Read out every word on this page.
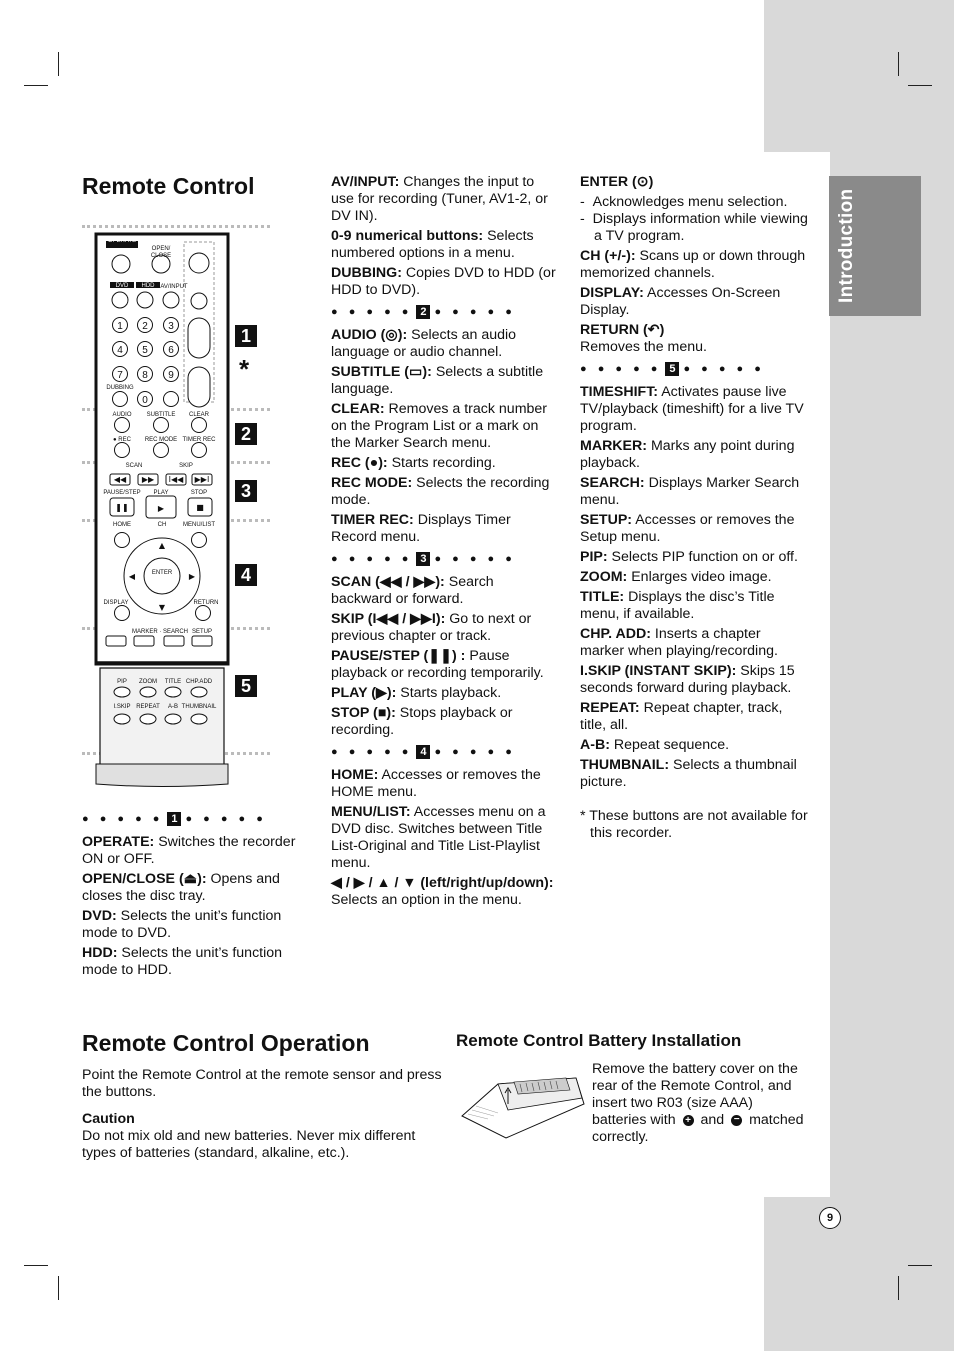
Introduction
9
Remote Control
1 2 3
4 5 6
7 8 9
0
OPERATE
OPEN/
CLOSE
DVD HDD AV/INPUT
DUBBING
AUDIO	SUBTITLE CLEAR
● REC REC MODE TIMER REC
SCAN	SKIP
PAUSE/STEP PLAY	STOP
HOME	CH	MENU/LIST
ENTER
DISPLAY	RETURN
MARKER · SEARCH SETUP
PIP ZOOM TITLE CHP.ADD
I.SKIP REPEAT A-B THUMBNAIL
◀◀ ▶▶ I◀◀ ▶▶I
❚❚	▶	■
▲
▼
◀	▶
1
*
2
3
4
5
● ● ● ● ● 1 ● ● ● ● ●

OPERATE: Switches the recorder ON or OFF.

OPEN/CLOSE (⏏): Opens and closes the disc tray.

DVD: Selects the unit’s function mode to DVD.

HDD: Selects the unit’s function mode to HDD.

AV/INPUT: Changes the input to use for recording (Tuner, AV1-2, or DV IN).

0-9 numerical buttons: Selects numbered options in a menu.

DUBBING: Copies DVD to HDD (or HDD to DVD).

● ● ● ● ● 2 ● ● ● ● ●

AUDIO (◎): Selects an audio language or audio channel.

SUBTITLE (▭): Selects a subtitle language.

CLEAR: Removes a track number on the Program List or a mark on the Marker Search menu.

REC (●): Starts recording.

REC MODE: Selects the recording mode.

TIMER REC: Displays Timer Record menu.

● ● ● ● ● 3 ● ● ● ● ●

SCAN (◀◀ / ▶▶): Search backward or forward.

SKIP (I◀◀ / ▶▶I): Go to next or previous chapter or track.

PAUSE/STEP (❚❚) : Pause playback or recording temporarily.

PLAY (▶): Starts playback.

STOP (■): Stops playback or recording.

● ● ● ● ● 4 ● ● ● ● ●

HOME: Accesses or removes the HOME menu.

MENU/LIST: Accesses menu on a DVD disc. Switches between Title List-Original and Title List-Playlist menu.

◀ / ▶ / ▲ / ▼ (left/right/up/down): Selects an option in the menu.

ENTER (⊙)

-  Acknowledges menu selection.
-  Displays information while viewing a TV program.

CH (+/-): Scans up or down through memorized channels.

DISPLAY: Accesses On-Screen Display.

RETURN (↶)

Removes the menu.

● ● ● ● ● 5 ● ● ● ● ●

TIMESHIFT: Activates pause live TV/playback (timeshift) for a live TV program.

MARKER: Marks any point during playback.

SEARCH: Displays Marker Search menu.

SETUP: Accesses or removes the Setup menu.

PIP: Selects PIP function on or off.

ZOOM: Enlarges video image.

TITLE: Displays the disc’s Title menu, if available.

CHP. ADD: Inserts a chapter marker when playing/recording.

I.SKIP (INSTANT SKIP): Skips 15 seconds forward during playback.

REPEAT: Repeat chapter, track, title, all.

A-B: Repeat sequence.

THUMBNAIL: Selects a thumbnail picture.

* These buttons are not available for this recorder.

Remote Control Operation

Point the Remote Control at the remote sensor and press the buttons.

Caution

Do not mix old and new batteries. Never mix different types of batteries (standard, alkaline, etc.).

Remote Control Battery Installation
Remove the battery cover on the rear of the Remote Control, and insert two R03 (size AAA) batteries with + and − matched correctly.
